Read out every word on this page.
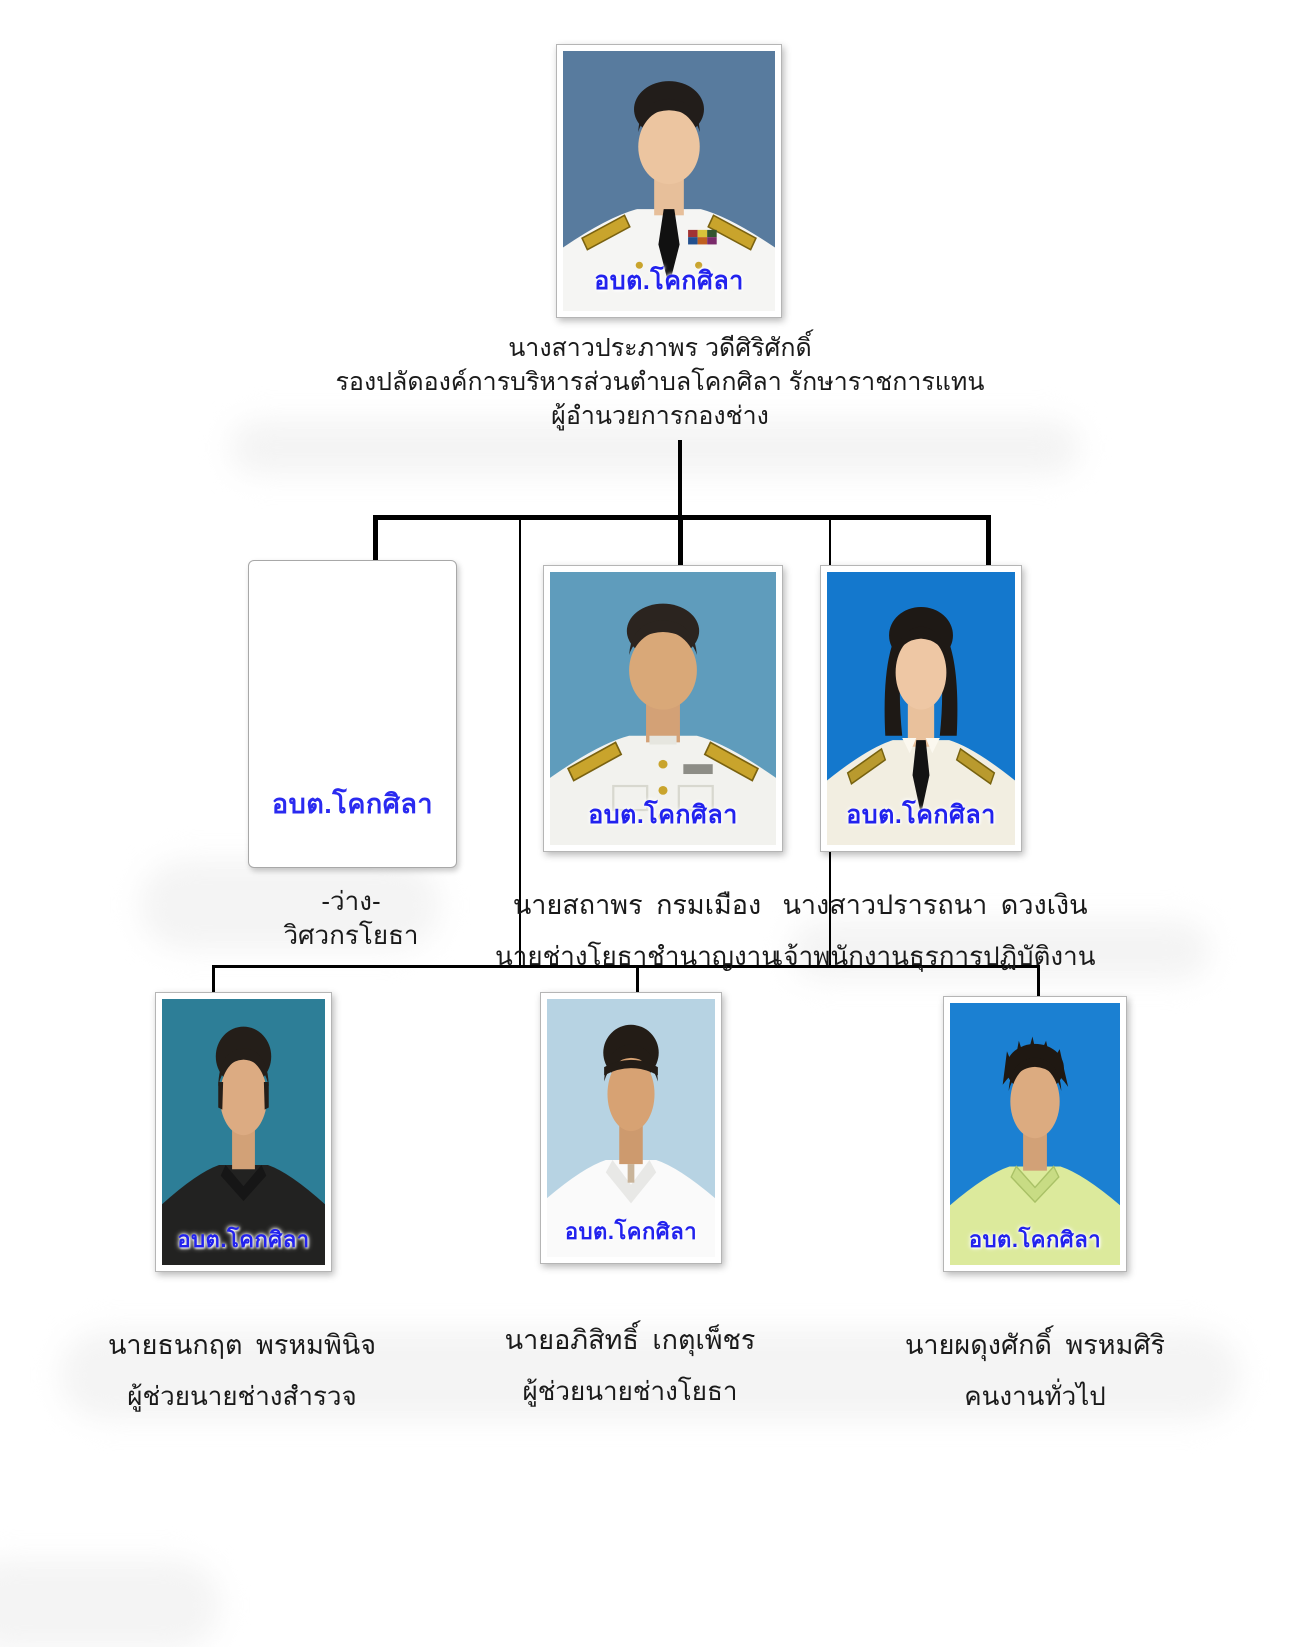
อบต.โคกศิลา
นางสาวประภาพร วดีศิริศักดิ์
รองปลัดองค์การบริหารส่วนตำบลโคกศิลา รักษาราชการแทน
ผู้อำนวยการกองช่าง
อบต.โคกศิลา
-ว่าง-
วิศวกรโยธา
อบต.โคกศิลา
นายสถาพร กรมเมือง
นายช่างโยธาชำนาญงาน
อบต.โคกศิลา
นางสาวปรารถนา ดวงเงิน
เจ้าพนักงานธุรการปฏิบัติงาน
อบต.โคกศิลา
นายธนกฤต พรหมพินิจ
ผู้ช่วยนายช่างสำรวจ
อบต.โคกศิลา
นายอภิสิทธิ์ เกตุเพ็ชร
ผู้ช่วยนายช่างโยธา
อบต.โคกศิลา
นายผดุงศักดิ์ พรหมศิริ
คนงานทั่วไป
